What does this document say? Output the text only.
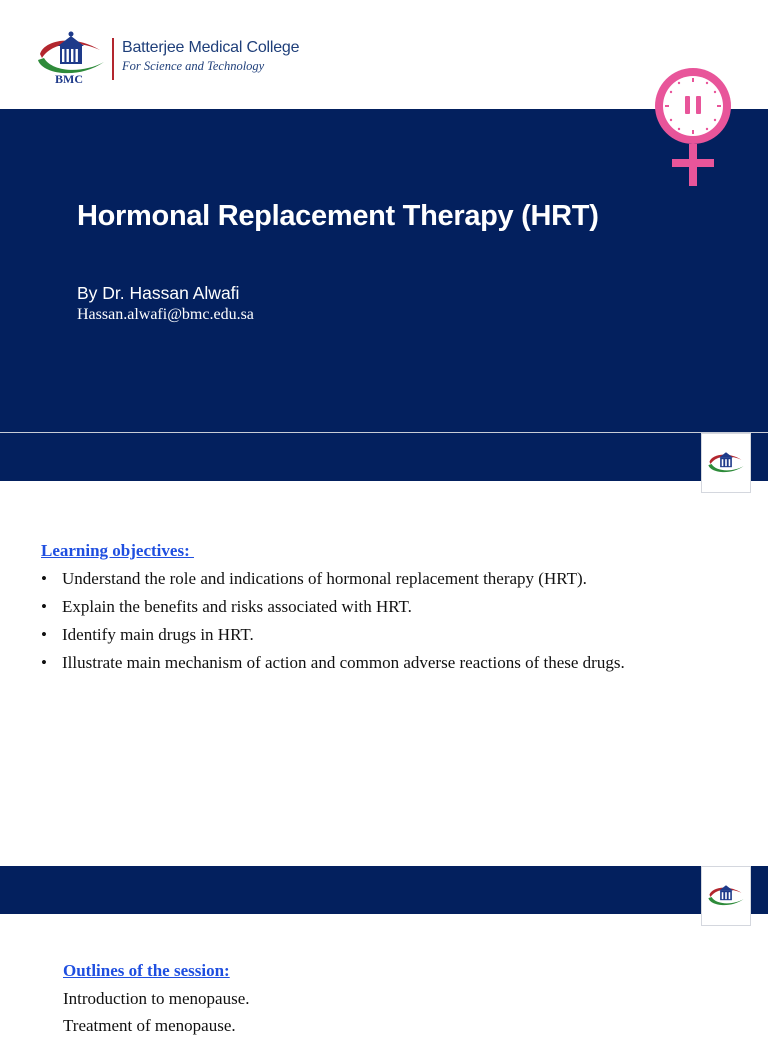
BMC
Batterjee Medical College
For Science and Technology
Hormonal Replacement Therapy (HRT)
By Dr. Hassan Alwafi
Hassan.alwafi@bmc.edu.sa
Learning objectives:
• Understand the role and indications of hormonal replacement therapy (HRT).
• Explain the benefits and risks associated with HRT.
• Identify main drugs in HRT.
• Illustrate main mechanism of action and common adverse reactions of these drugs.
Outlines of the session:
Introduction to menopause.
Treatment of menopause.
